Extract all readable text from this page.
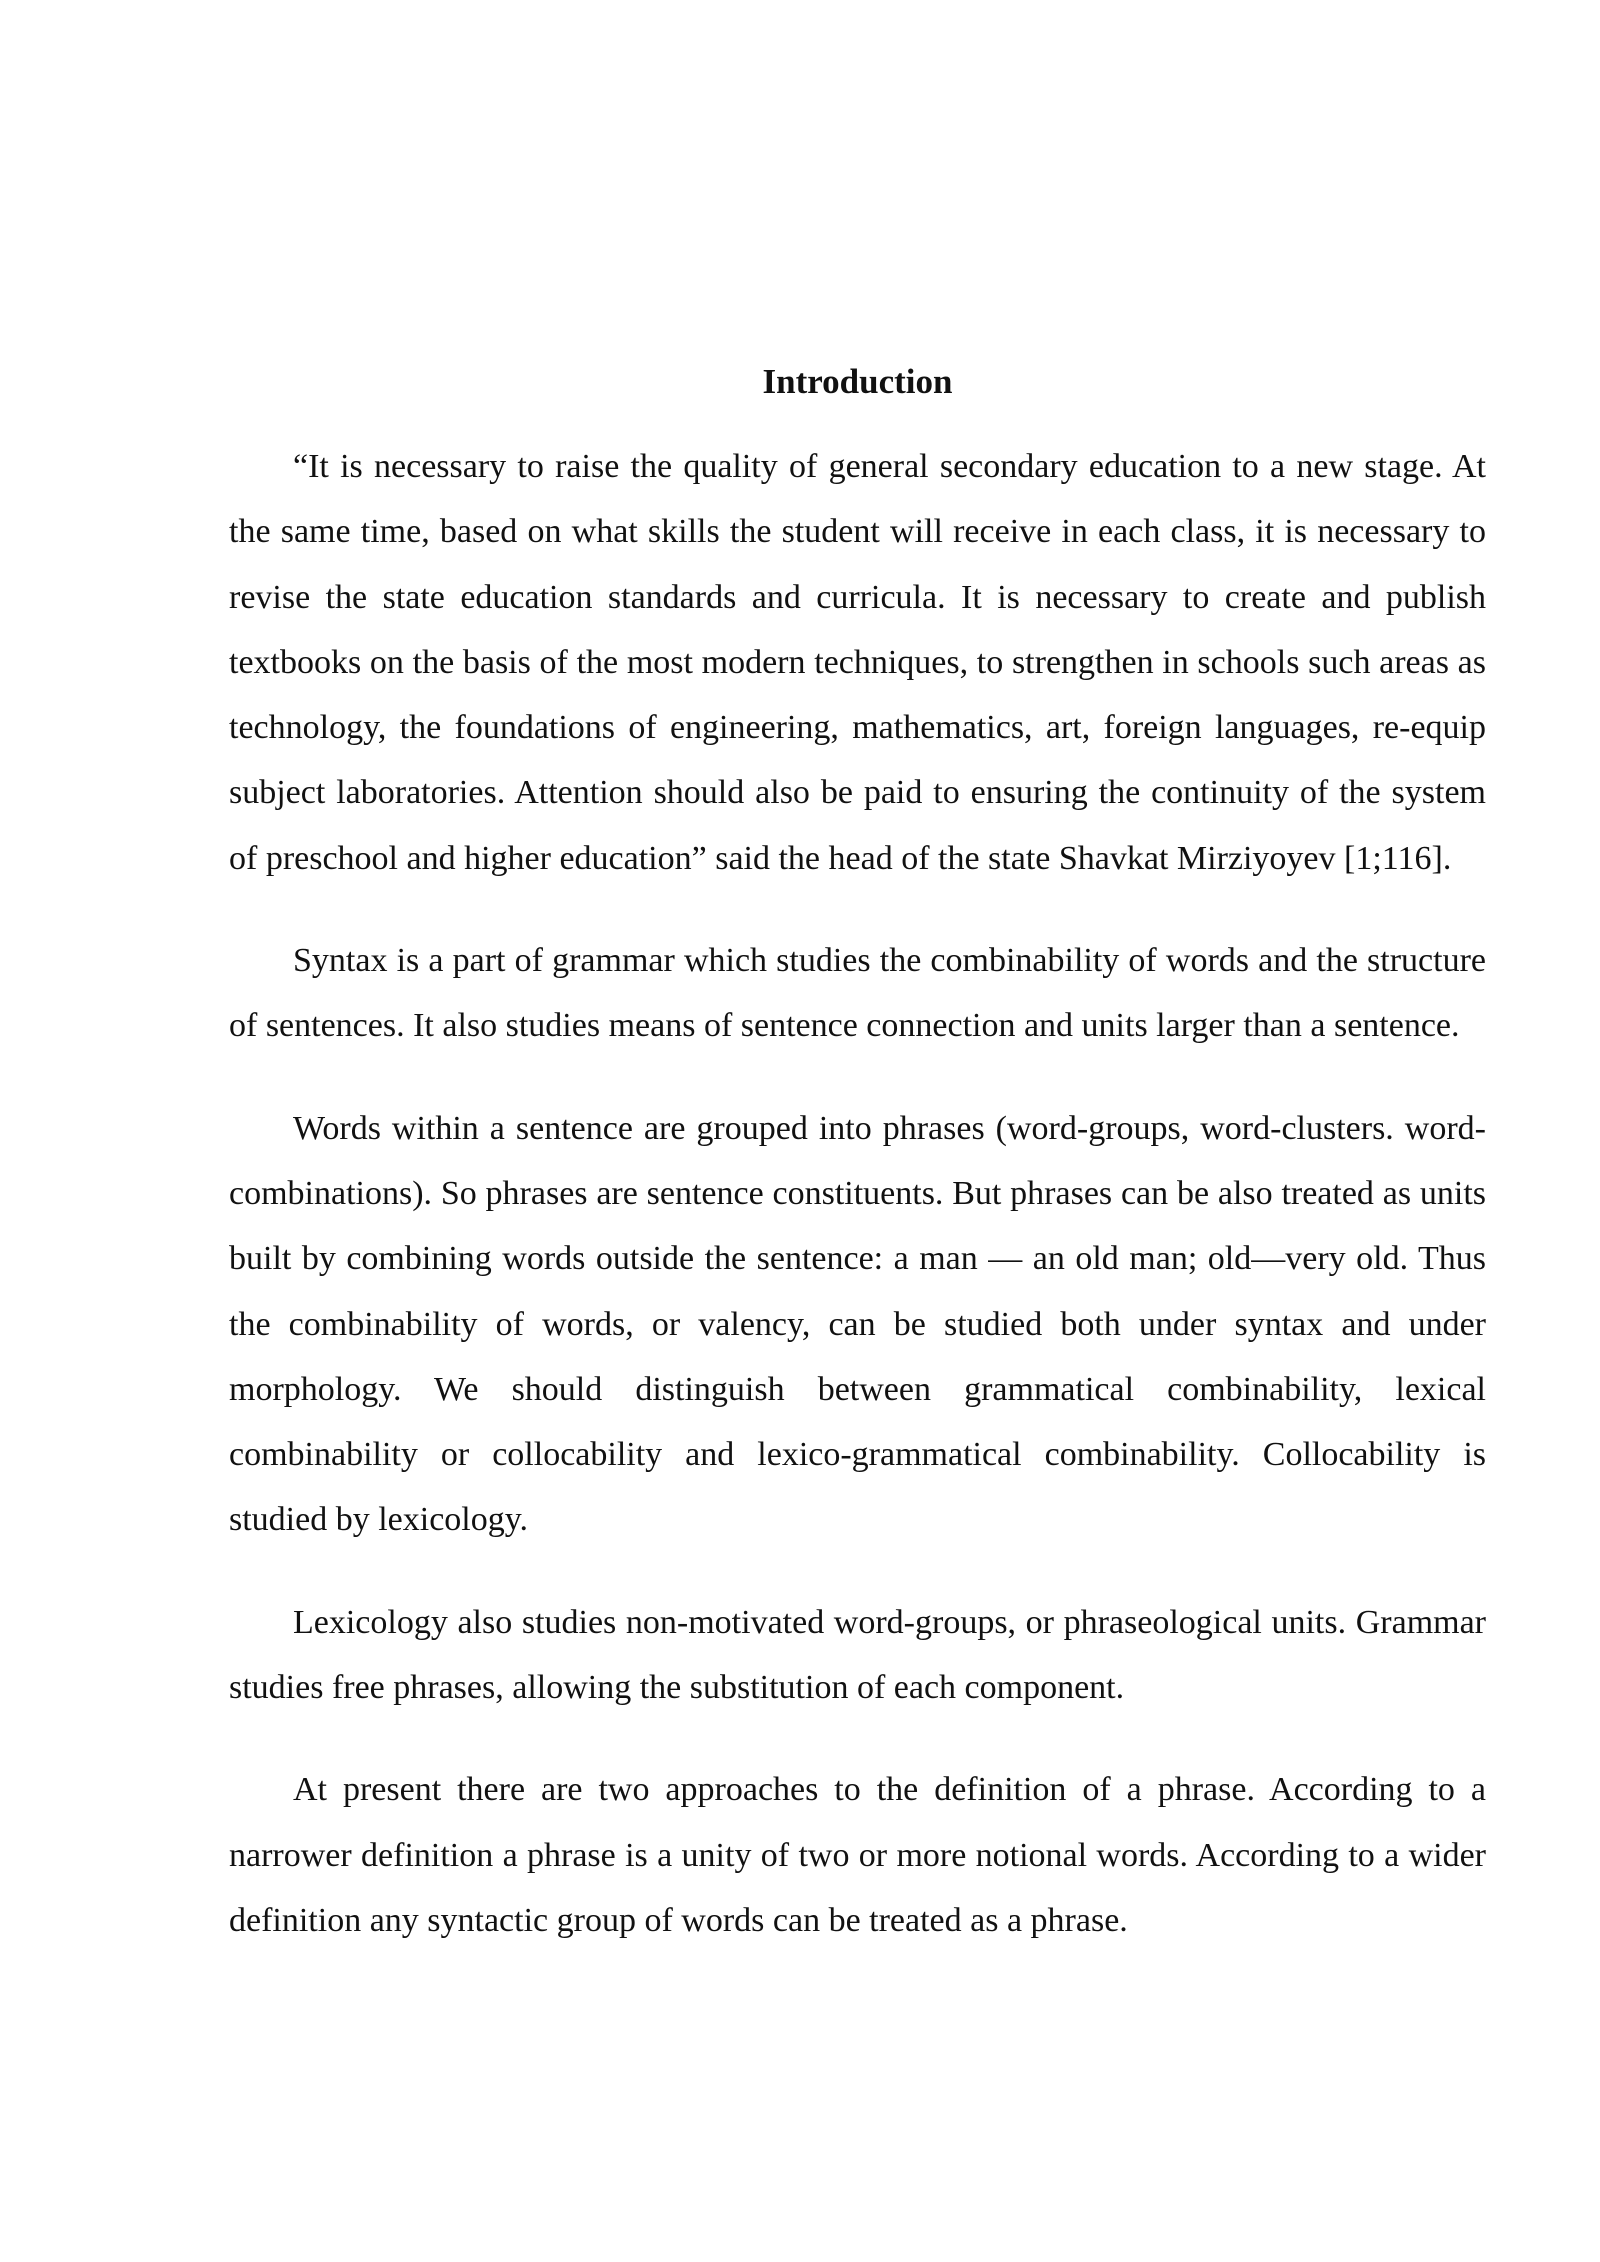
Introduction

“It is necessary to raise the quality of general secondary education to a new stage. At the same time, based on what skills the student will receive in each class, it is necessary to revise the state education standards and curricula. It is necessary to create and publish textbooks on the basis of the most modern techniques, to strengthen in schools such areas as technology, the foundations of engineering, mathematics, art, foreign languages, re-equip subject laboratories. Attention should also be paid to ensuring the continuity of the system of preschool and higher education” said the head of the state Shavkat Mirziyoyev [1;116].

Syntax is a part of grammar which studies the combinability of words and the structure of sentences. It also studies means of sentence connection and units larger than a sentence.

Words within a sentence are grouped into phrases (word-groups, word-clusters. word-combinations). So phrases are sentence constituents. But phrases can be also treated as units built by combining words outside the sentence: a man — an old man; old—very old. Thus the combinability of words, or valency, can be studied both under syntax and under morphology. We should distinguish between grammatical combinability, lexical combinability or collocability and lexico-grammatical combinability. Collocability is studied by lexicology.

Lexicology also studies non-motivated word-groups, or phraseological units. Grammar studies free phrases, allowing the substitution of each component.

At present there are two approaches to the definition of a phrase. According to a narrower definition a phrase is a unity of two or more notional words. According to a wider definition any syntactic group of words can be treated as a phrase.
